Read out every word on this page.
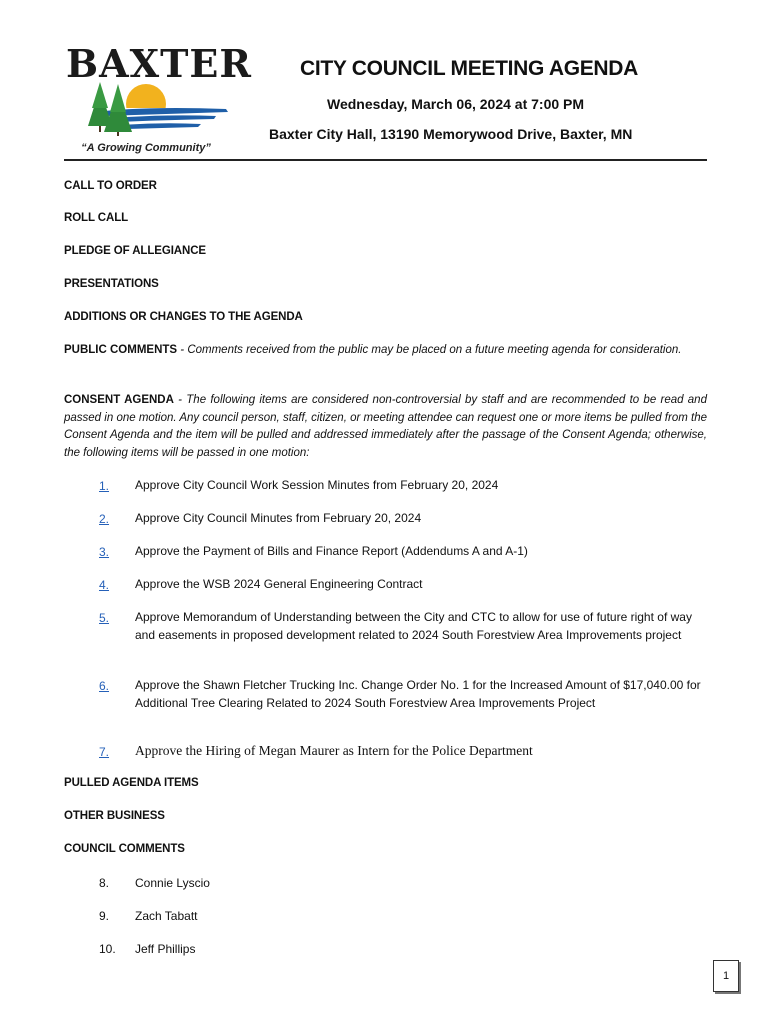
BAXTER
“A Growing Community”
CITY COUNCIL MEETING AGENDA
Wednesday, March 06, 2024 at 7:00 PM
Baxter City Hall, 13190 Memorywood Drive, Baxter, MN
CALL TO ORDER
ROLL CALL
PLEDGE OF ALLEGIANCE
PRESENTATIONS
ADDITIONS OR CHANGES TO THE AGENDA
PUBLIC COMMENTS - Comments received from the public may be placed on a future meeting agenda for consideration.
CONSENT AGENDA - The following items are considered non-controversial by staff and are recommended to be read and passed in one motion. Any council person, staff, citizen, or meeting attendee can request one or more items be pulled from the Consent Agenda and the item will be pulled and addressed immediately after the passage of the Consent Agenda; otherwise, the following items will be passed in one motion:
1. Approve City Council Work Session Minutes from February 20, 2024
2. Approve City Council Minutes from February 20, 2024
3. Approve the Payment of Bills and Finance Report (Addendums A and A-1)
4. Approve the WSB 2024 General Engineering Contract
5. Approve Memorandum of Understanding between the City and CTC to allow for use of future right of way and easements in proposed development related to 2024 South Forestview Area Improvements project
6. Approve the Shawn Fletcher Trucking Inc. Change Order No. 1 for the Increased Amount of $17,040.00 for Additional Tree Clearing Related to 2024 South Forestview Area Improvements Project
7. Approve the Hiring of Megan Maurer as Intern for the Police Department
PULLED AGENDA ITEMS
OTHER BUSINESS
COUNCIL COMMENTS
8. Connie Lyscio
9. Zach Tabatt
10. Jeff Phillips
1
